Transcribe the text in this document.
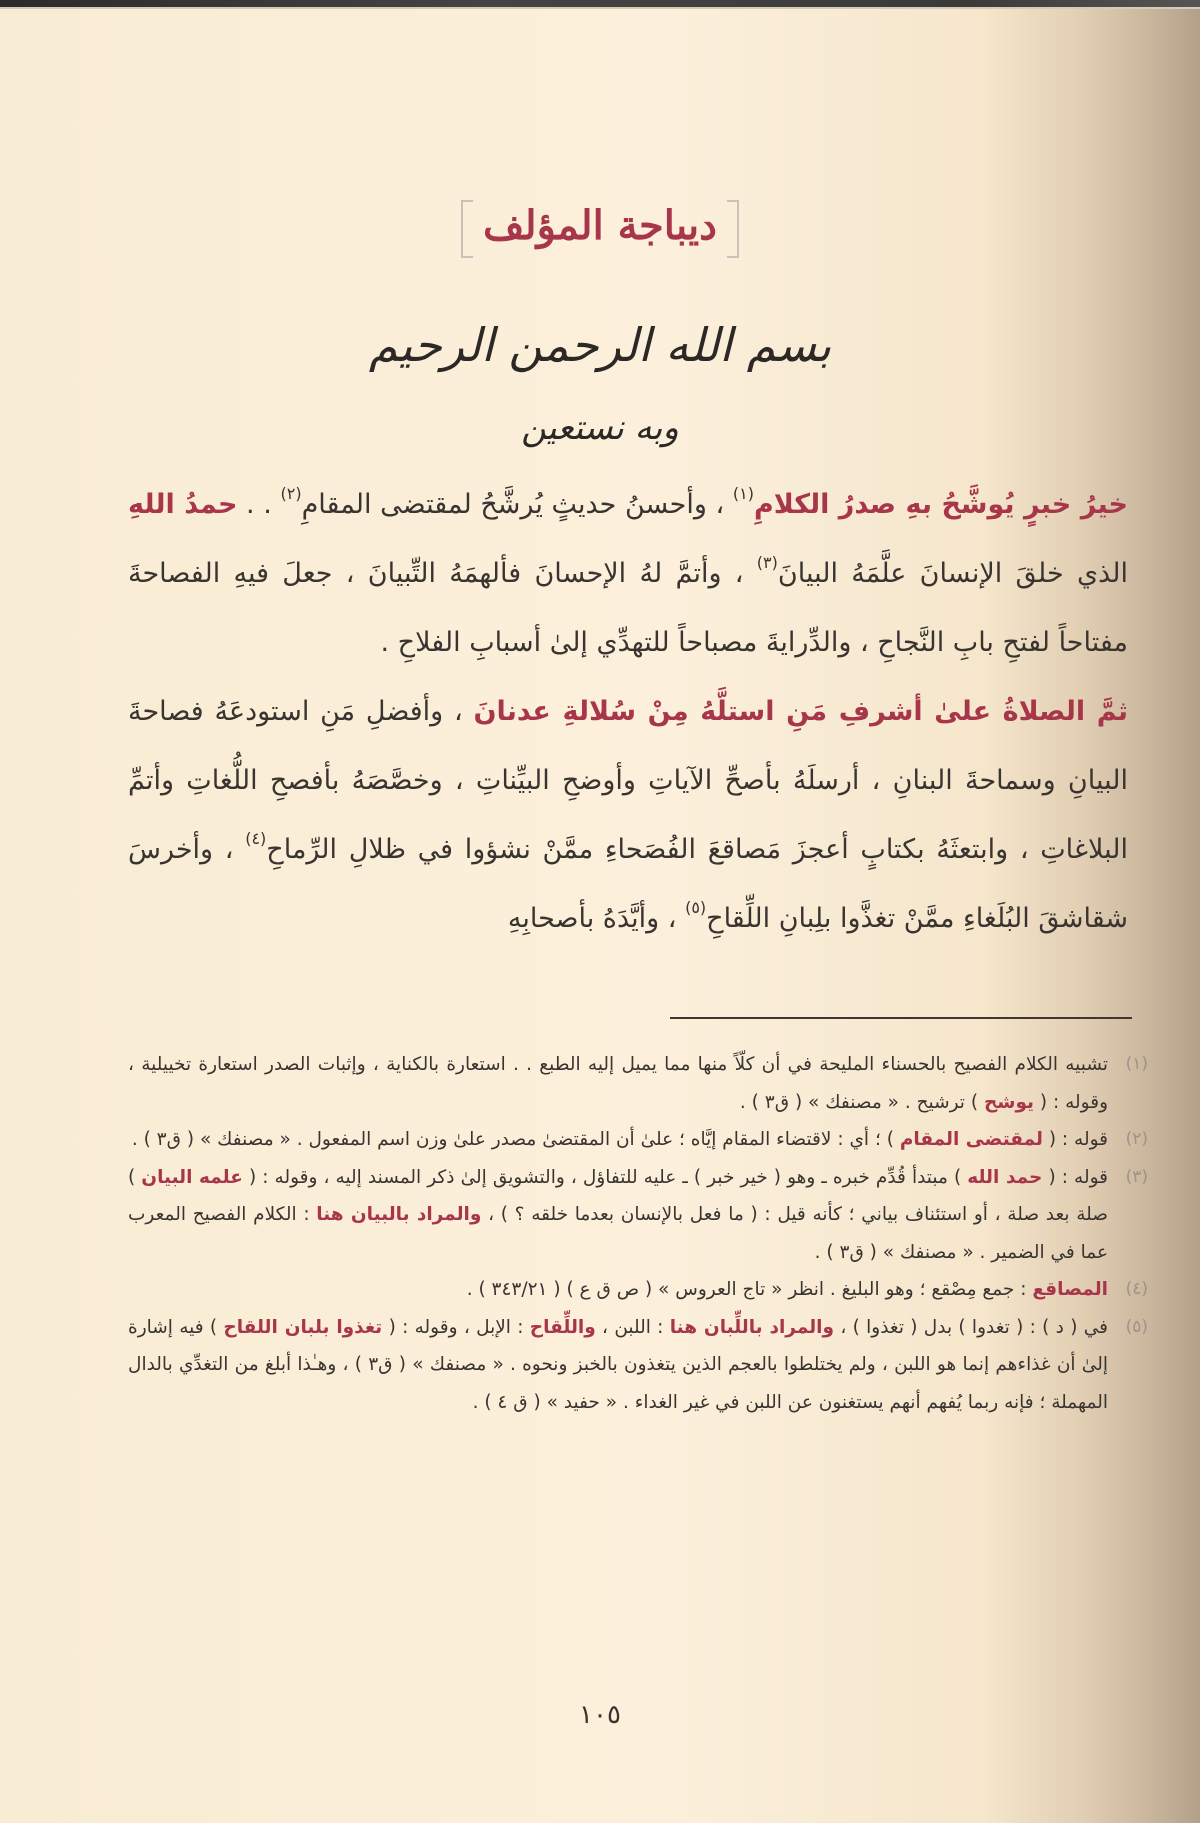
ديباجة المؤلف
بسم الله الرحمن الرحيم
وبه نستعين

خيرُ خبرٍ يُوشَّحُ بهِ صدرُ الكلامِ$^{(١)}$ ، وأحسنُ حديثٍ يُرشَّحُ لمقتضى المقامِ$^{(٢)}$ . . حمدُ اللهِ الذي خلقَ الإنسانَ علَّمَهُ البيانَ$^{(٣)}$ ، وأتمَّ لهُ الإحسانَ فألهمَهُ التِّبيانَ ، جعلَ فيهِ الفصاحةَ مفتاحاً لفتحِ بابِ النَّجاحِ ، والدِّرايةَ مصباحاً للتهدِّي إلىٰ أسبابِ الفلاحِ .

ثمَّ الصلاةُ علىٰ أشرفِ مَنِ استلَّهُ مِنْ سُلالةِ عدنانَ ، وأفضلِ مَنِ استودعَهُ فصاحةَ البيانِ وسماحةَ البنانِ ، أرسلَهُ بأصحِّ الآياتِ وأوضحِ البيِّناتِ ، وخصَّصَهُ بأفصحِ اللُّغاتِ وأتمِّ البلاغاتِ ، وابتعثَهُ بكتابٍ أعجزَ مَصاقعَ الفُصَحاءِ ممَّنْ نشؤوا في ظلالِ الرِّماحِ$^{(٤)}$ ، وأخرسَ شقاشقَ البُلَغاءِ ممَّنْ تغذَّوا بلِبانِ اللِّقاحِ$^{(٥)}$ ، وأيَّدَهُ بأصحابِهِ

(١)
تشبيه الكلام الفصيح بالحسناء المليحة في أن كلّاً منها مما يميل إليه الطبع . . استعارة بالكناية ، وإثبات الصدر استعارة تخييلية ، وقوله : ( يوشح ) ترشيح . « مصنفك » ( ق٣ ) .
(٢)
قوله : ( لمقتضى المقام ) ؛ أي : لاقتضاء المقام إيَّاه ؛ علىٰ أن المقتضىٰ مصدر علىٰ وزن اسم المفعول . « مصنفك » ( ق٣ ) .
(٣)
قوله : ( حمد الله ) مبتدأ قُدِّم خبره ـ وهو ( خير خبر ) ـ عليه للتفاؤل ، والتشويق إلىٰ ذكر المسند إليه ، وقوله : ( علمه البيان ) صلة بعد صلة ، أو استئناف بياني ؛ كأنه قيل : ( ما فعل بالإنسان بعدما خلقه ؟ ) ، والمراد بالبيان هنا : الكلام الفصيح المعرب عما في الضمير . « مصنفك » ( ق٣ ) .
(٤)
المصاقع : جمع مِصْقع ؛ وهو البليغ . انظر « تاج العروس » ( ص ق ع ) ( ٣٤٣/٢١ ) .
(٥)
في ( د ) : ( تغدوا ) بدل ( تغذوا ) ، والمراد باللِّبان هنا : اللبن ، واللِّقاح : الإبل ، وقوله : ( تغذوا بلبان اللقاح ) فيه إشارة إلىٰ أن غذاءهم إنما هو اللبن ، ولم يختلطوا بالعجم الذين يتغذون بالخبز ونحوه . « مصنفك » ( ق٣ ) ، وهـٰذا أبلغ من التغدِّي بالدال المهملة ؛ فإنه ربما يُفهم أنهم يستغنون عن اللبن في غير الغداء . « حفيد » ( ق ٤ ) .
١٠٥
